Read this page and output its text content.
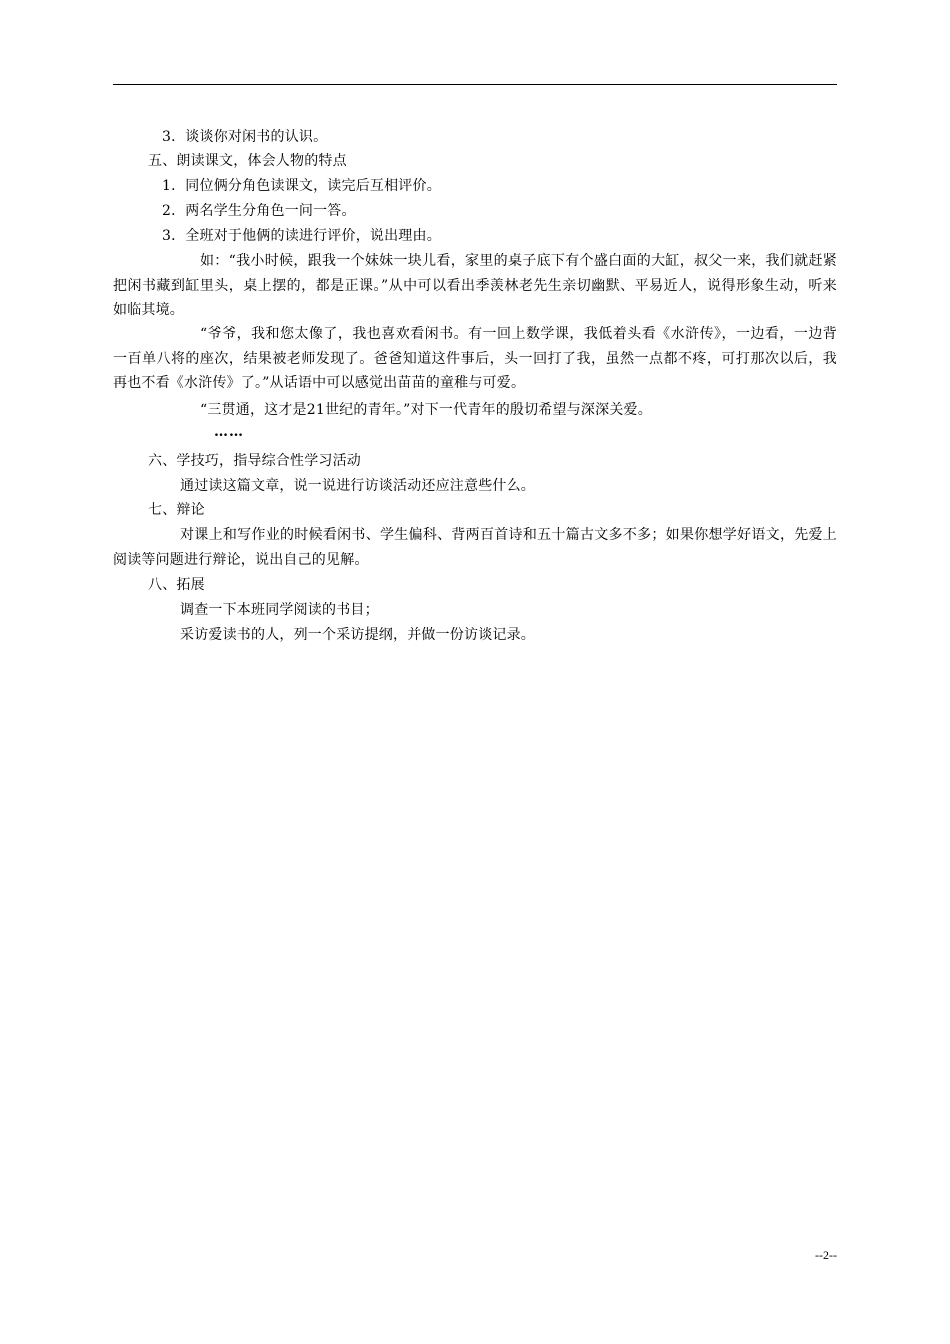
3．谈谈你对闲书的认识。
五、朗读课文，体会人物的特点
1．同位俩分角色读课文，读完后互相评价。
2．两名学生分角色一问一答。
3．全班对于他俩的读进行评价，说出理由。
如：“我小时候，跟我一个妹妹一块儿看，家里的桌子底下有个盛白面的大缸，叔父一来，我们就赶紧把闲书藏到缸里头，桌上摆的，都是正课。”从中可以看出季羡林老先生亲切幽默、平易近人，说得形象生动，听来如临其境。
“爷爷，我和您太像了，我也喜欢看闲书。有一回上数学课，我低着头看《水浒传》，一边看，一边背一百单八将的座次，结果被老师发现了。爸爸知道这件事后，头一回打了我，虽然一点都不疼，可打那次以后，我再也不看《水浒传》了。”从话语中可以感觉出苗苗的童稚与可爱。
“三贯通，这才是21世纪的青年。”对下一代青年的殷切希望与深深关爱。
……
六、学技巧，指导综合性学习活动
通过读这篇文章，说一说进行访谈活动还应注意些什么。
七、辩论
对课上和写作业的时候看闲书、学生偏科、背两百首诗和五十篇古文多不多；如果你想学好语文，先爱上阅读等问题进行辩论，说出自己的见解。
八、拓展
调查一下本班同学阅读的书目；
采访爱读书的人，列一个采访提纲，并做一份访谈记录。
--2--
